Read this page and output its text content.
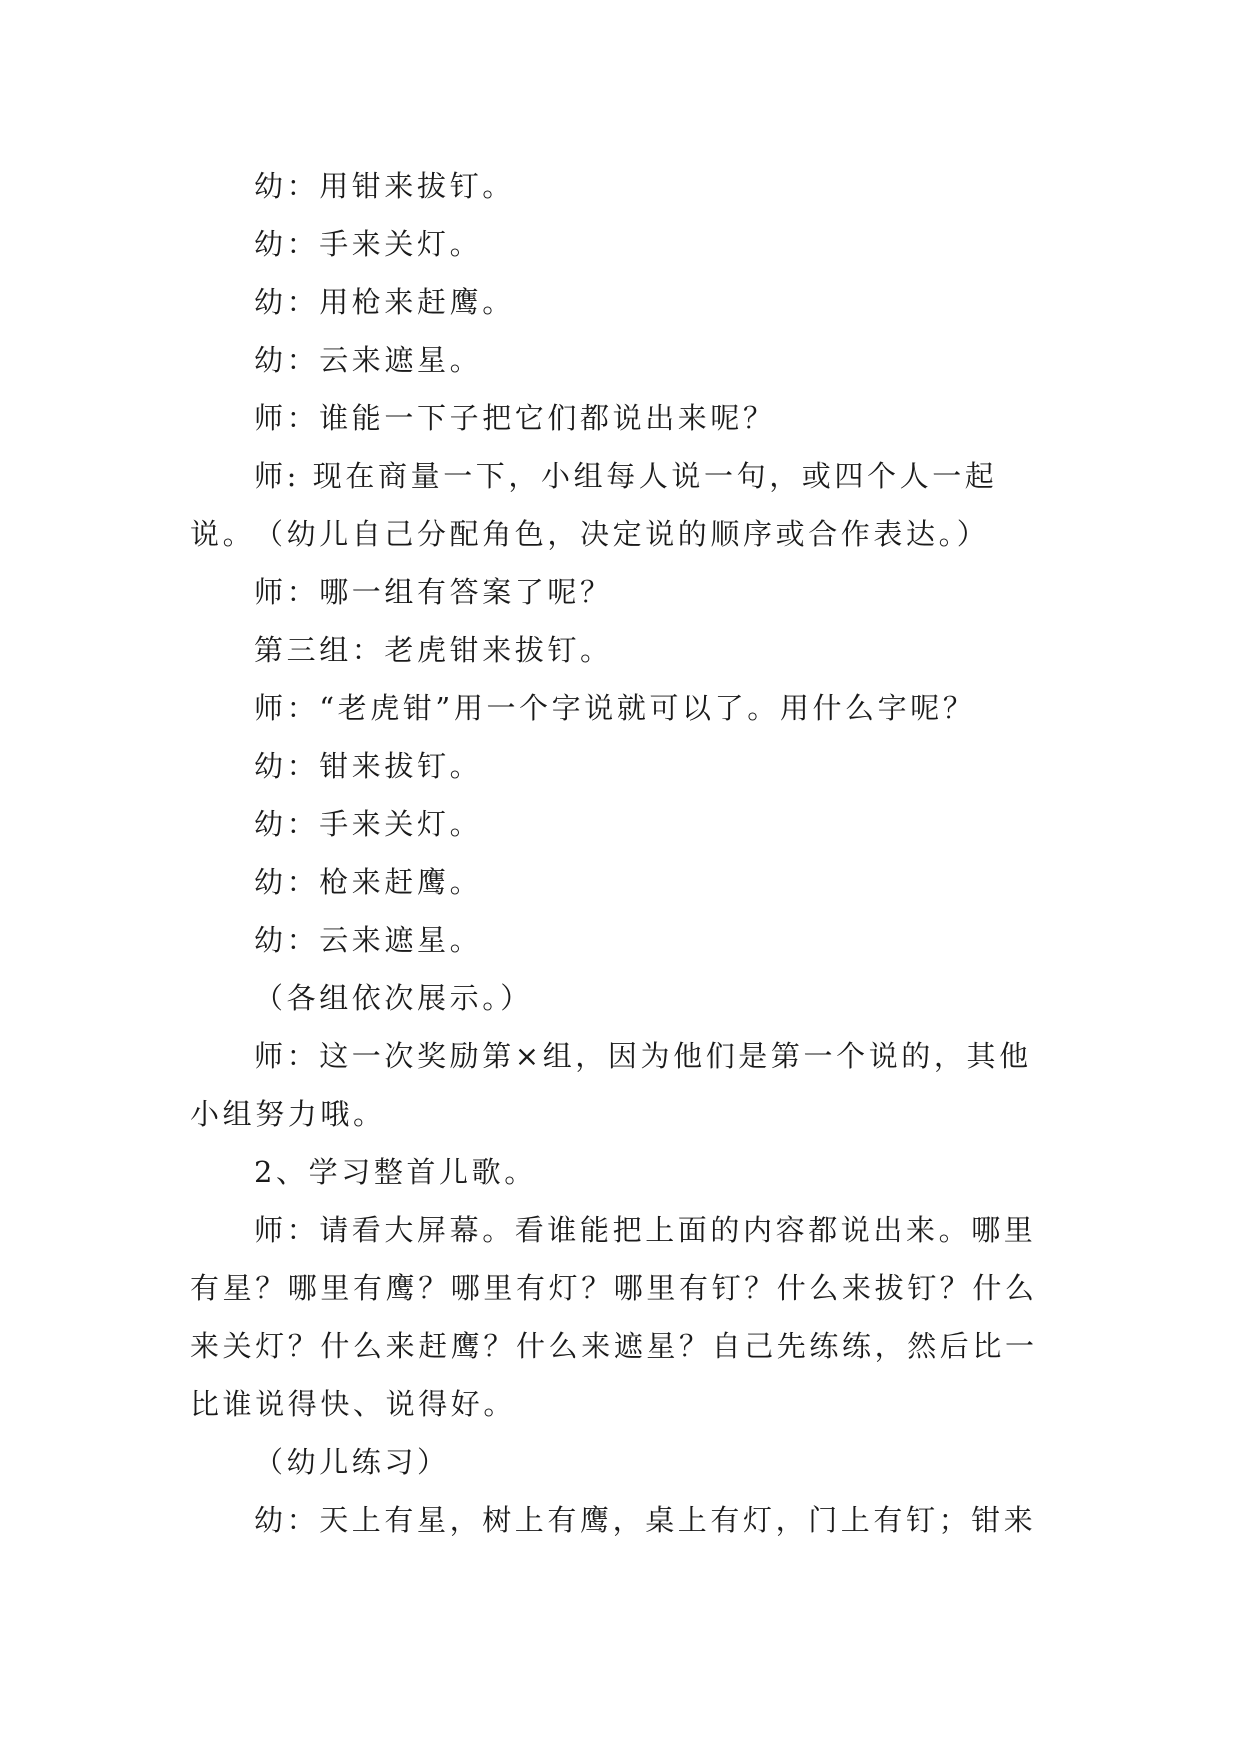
幼：用钳来拔钉。

幼：手来关灯。

幼：用枪来赶鹰。

幼：云来遮星。

师：谁能一下子把它们都说出来呢？

师: 现在商量一下，小组每人说一句，或四个人一起说。

（幼儿自己分配角色，决定说的顺序或合作表达。）

师：哪一组有答案了呢？

第三组：老虎钳来拔钉。

师：“老虎钳”用一个字说就可以了。用什么字呢？

幼：钳来拔钉。

幼：手来关灯。

幼：枪来赶鹰。

幼：云来遮星。

（各组依次展示。）

师：这一次奖励第×组，因为他们是第一个说的，其他小组努力哦。

2、学习整首儿歌。

师：请看大屏幕。看谁能把上面的内容都说出来。哪里有星？哪里有鹰？哪里有灯？哪里有钉？什么来拔钉？什么来关灯？什么来赶鹰？什么来遮星？自己先练练，然后比一比谁说得快、说得好。

（幼儿练习）

幼：天上有星，树上有鹰，桌上有灯，门上有钉；钳来
